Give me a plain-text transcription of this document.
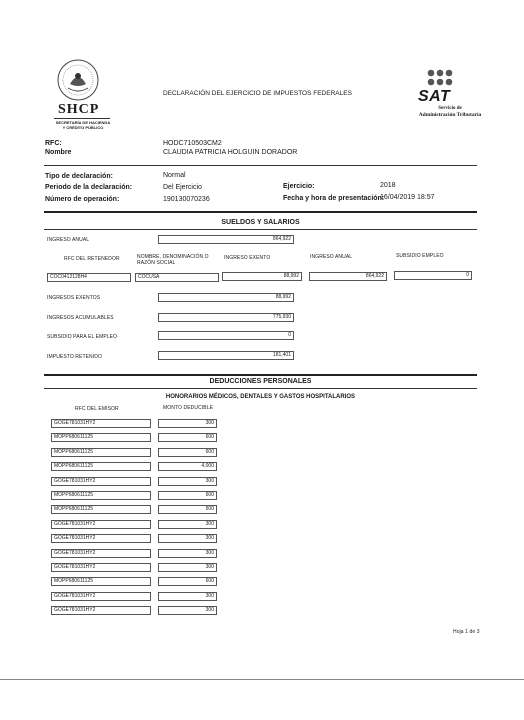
SHCP
SECRETARÍA DE HACIENDA
Y CRÉDITO PÚBLICO
DECLARACIÓN DEL EJERCICIO DE IMPUESTOS FEDERALES	SAT
Servicio de
Administración Tributaria
RFC:	HODC710503CM2
Nombre	CLAUDIA PATRICIA HOLGUIN DORADOR
Tipo de declaración:	Normal
Periodo de la declaración:	Del Ejercicio	Ejercicio:	2018
Número de operación:	190130070236	Fecha y hora de presentación:
16/04/2019 18:57
SUELDOS Y SALARIOS
INGRESO ANUAL	864,922
RFC DEL RETENEDOR	NOMBRE, DENOMINACIÓN O
RAZÓN SOCIAL
INGRESO EXENTO	INGRESO ANUAL	SUBSIDIO EMPLEO
COC0412128H4	COCUSA	88,992	864,922	0
INGRESOS EXENTOS	88,992
INGRESOS ACUMULABLES	775,930
SUBSIDIO PARA EL EMPLEO	0
IMPUESTO RETENIDO	181,401
DEDUCCIONES PERSONALES
HONORARIOS MÉDICOS, DENTALES Y GASTOS HOSPITALARIOS
RFC DEL EMISOR	MONTO DEDUCIBLE
GOGE781031HY2	300
MOPP680611125	600
MOPP680611125	600
MOPP680611125	4,000
GOGE781031HY2	300
MOPP680611125	600
MOPP680611125	500
GOGE781031HY2	300
GOGE781031HY2	300
GOGE781031HY2	300
GOGE781031HY2	300
MOPP680611125	600
GOGE781031HY2	300
GOGE781031HY2	300
Hoja 1 de 3
